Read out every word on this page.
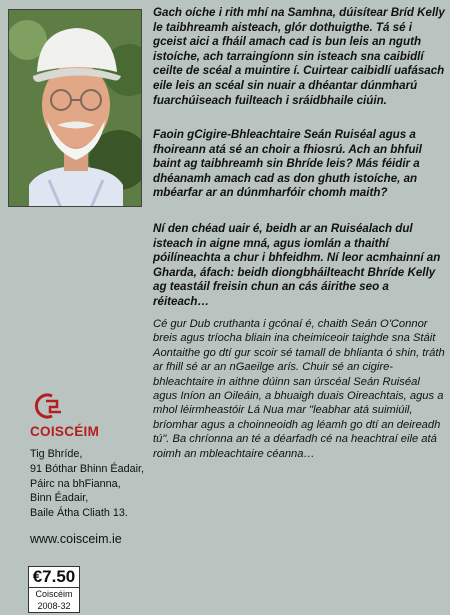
Gach oíche i rith mhí na Samhna, dúisítear Bríd Kelly le taibhreamh aisteach, glór dothuigthe. Tá sé i gceist aici a fháil amach cad is bun leis an nguth istoíche, ach tarraingíonn sin isteach sna caibidlí ceilte de scéal a muintire í. Cuirtear caibidlí uafásach eile leis an scéal sin nuair a dhéantar dúnmharú fuarchúiseach fuilteach i sráidbhaile ciúin.

Faoin gCigire-Bhleachtaire Seán Ruiséal agus a fhoireann atá sé an choir a fhiosrú. Ach an bhfuil baint ag taibhreamh sin Bhríde leis? Más féidir a dhéanamh amach cad as don ghuth istoíche, an mbéarfar ar an dúnmharfóir chomh maith?

Ní den chéad uair é, beidh ar an Ruiséalach dul isteach in aigne mná, agus iomlán a thaithí póilíneachta a chur i bhfeidhm. Ní leor acmhainní an Gharda, áfach: beidh diongbháilteacht Bhríde Kelly ag teastáil freisin chun an cás áirithe seo a réiteach…

Cé gur Dub cruthanta i gcónaí é, chaith Seán O'Connor breis agus tríocha bliain ina cheimiceoir taighde sna Stáit Aontaithe go dtí gur scoir sé tamall de bhlianta ó shin, tráth ar fhill sé ar an nGaeilge arís. Chuir sé an cigire-bhleachtaire in aithne dúinn san úrscéal Seán Ruiséal agus Iníon an Oileáin, a bhuaigh duais Oireachtais, agus a mhol léirmheastóir Lá Nua mar "leabhar atá suimiúil, bríomhar agus a choinneoidh ag léamh go dtí an deireadh tú". Ba chríonna an té a déarfadh cé na heachtraí eile atá roimh an mbleachtaire céanna…

COISCÉIM
Tig Bhríde,
91 Bóthar Bhinn Éadair,
Páirc na bhFianna,
Binn Éadair,
Baile Átha Cliath 13.
www.coisceim.ie
€7.50
Coiscéim
2008-32
